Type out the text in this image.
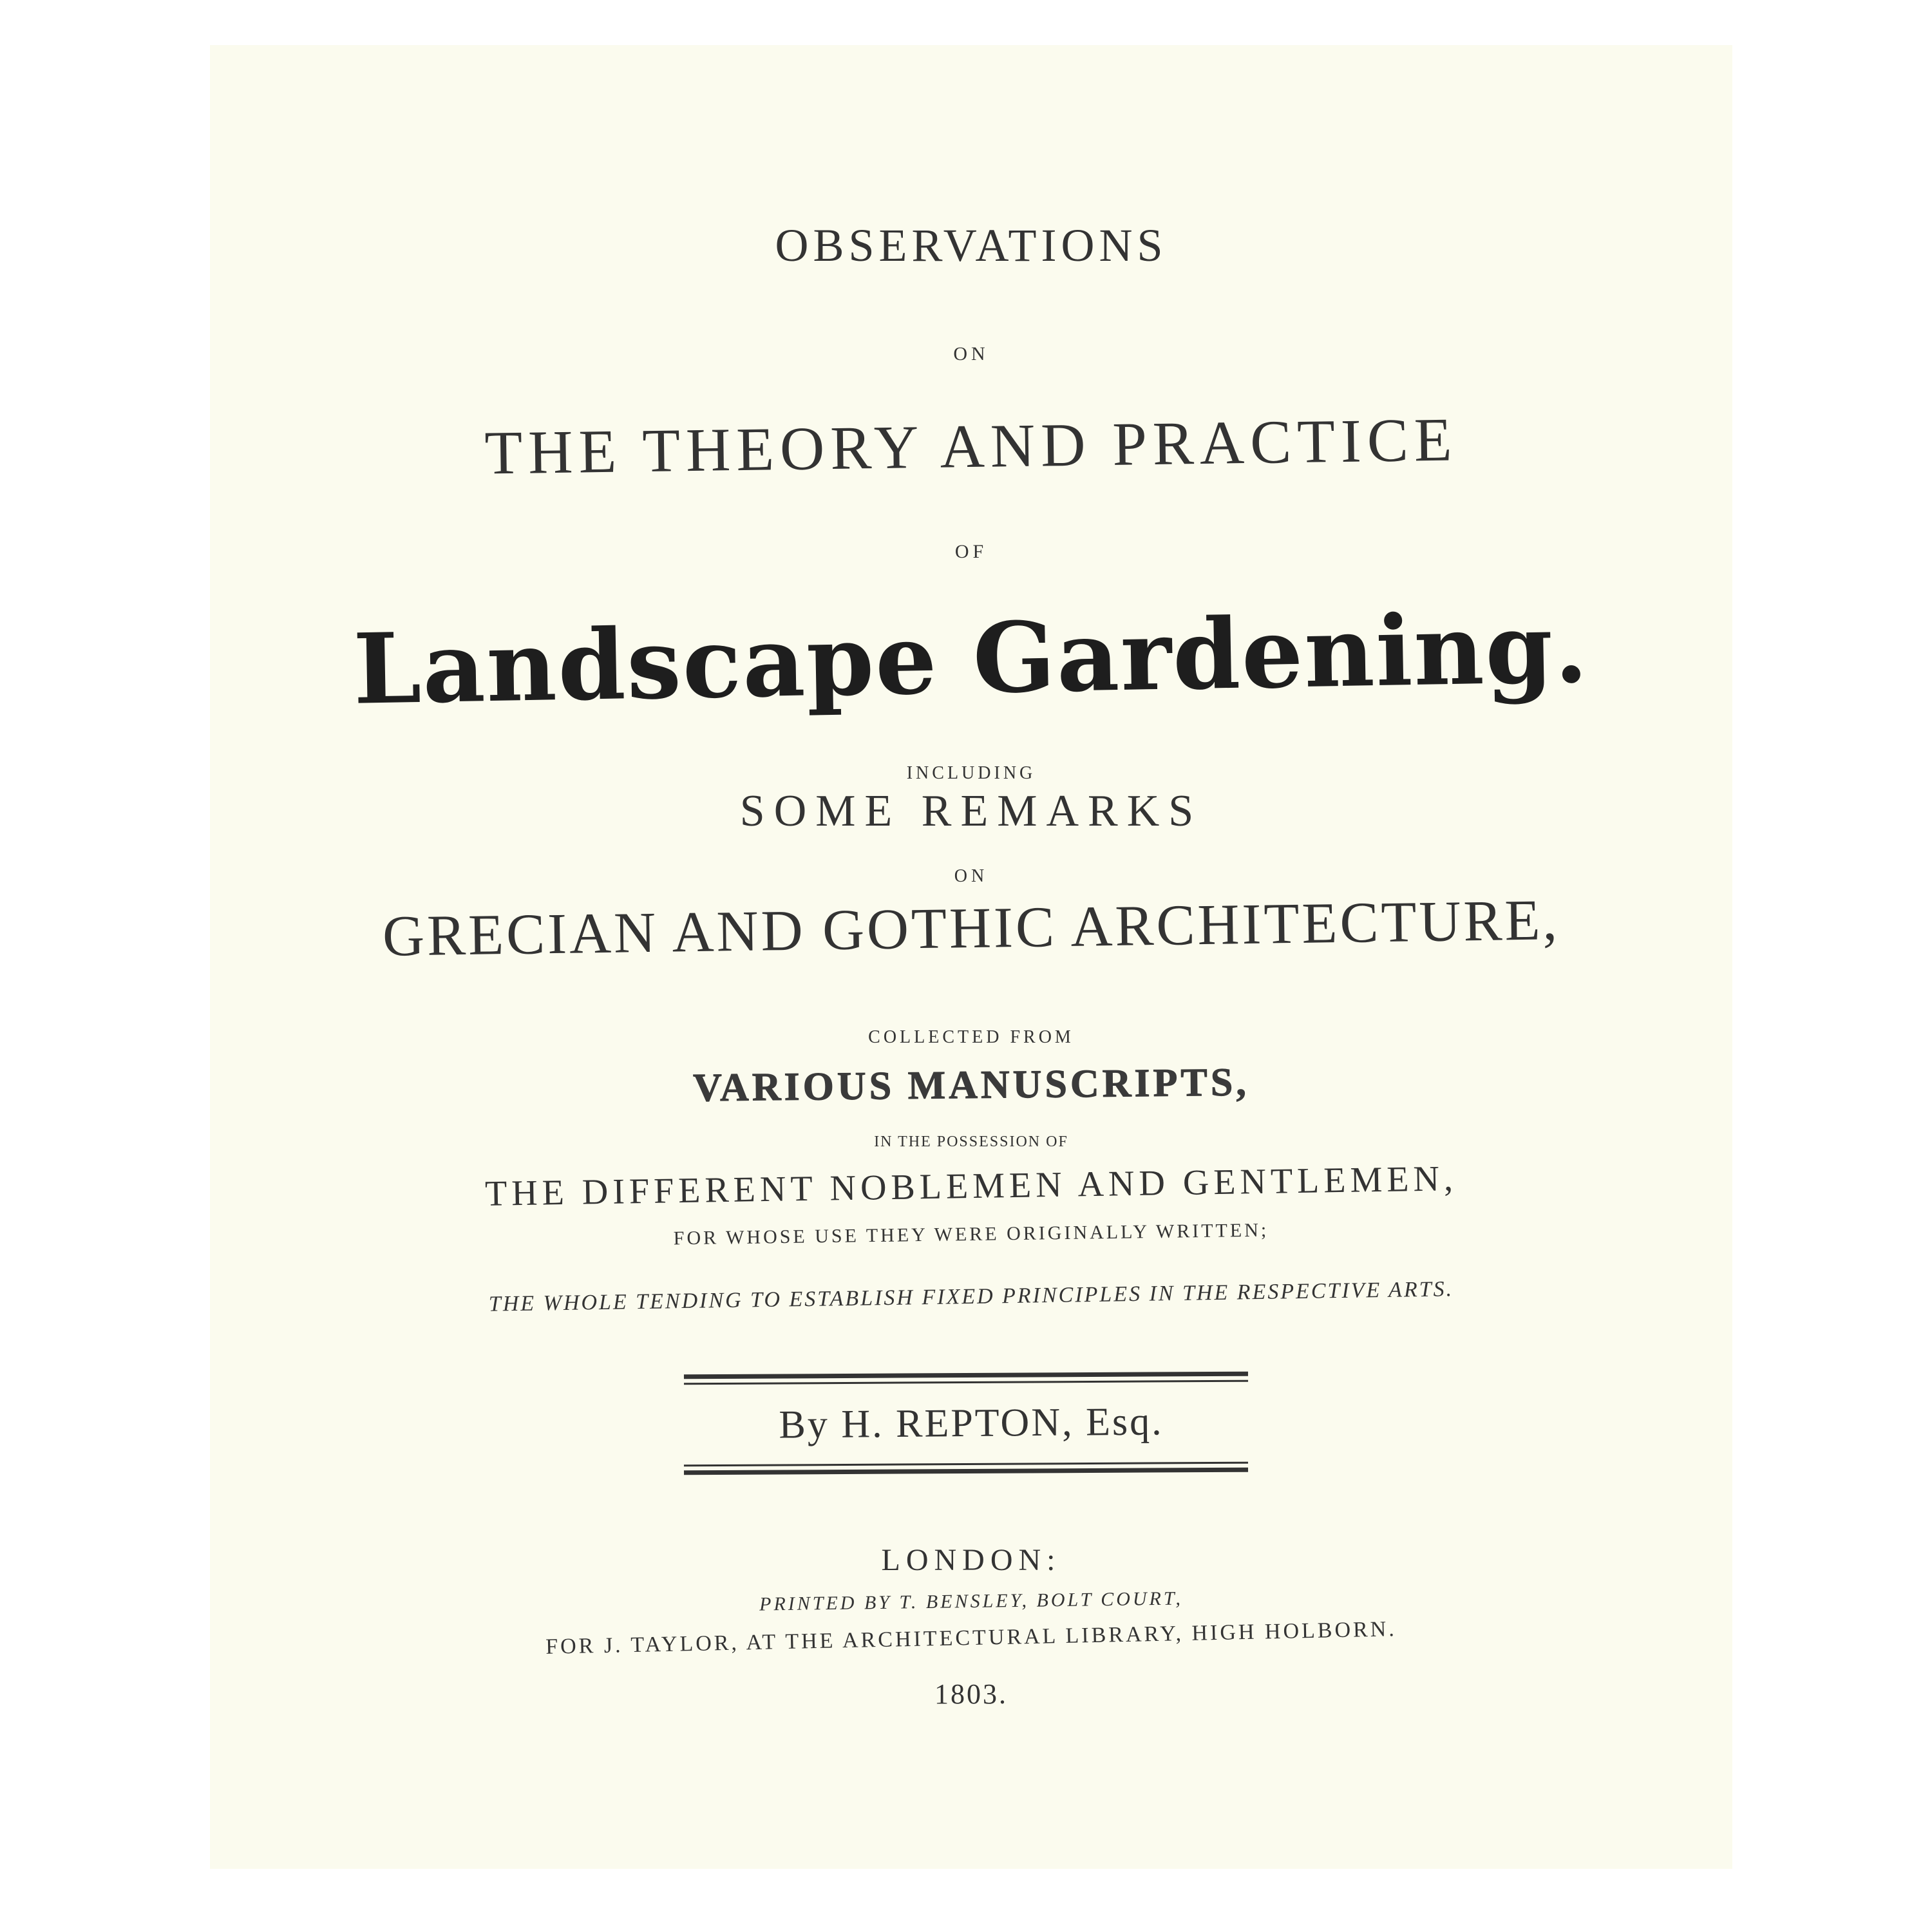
OBSERVATIONS
ON
THE THEORY AND PRACTICE
OF
Landscape Gardening.
INCLUDING
SOME REMARKS
ON
GRECIAN AND GOTHIC ARCHITECTURE,
COLLECTED FROM
VARIOUS MANUSCRIPTS,
IN THE POSSESSION OF
THE DIFFERENT NOBLEMEN AND GENTLEMEN,
FOR WHOSE USE THEY WERE ORIGINALLY WRITTEN;
THE WHOLE TENDING TO ESTABLISH FIXED PRINCIPLES IN THE RESPECTIVE ARTS.
By H. REPTON, Esq.
LONDON:
PRINTED BY T. BENSLEY, BOLT COURT,
FOR J. TAYLOR, AT THE ARCHITECTURAL LIBRARY, HIGH HOLBORN.
1803.
